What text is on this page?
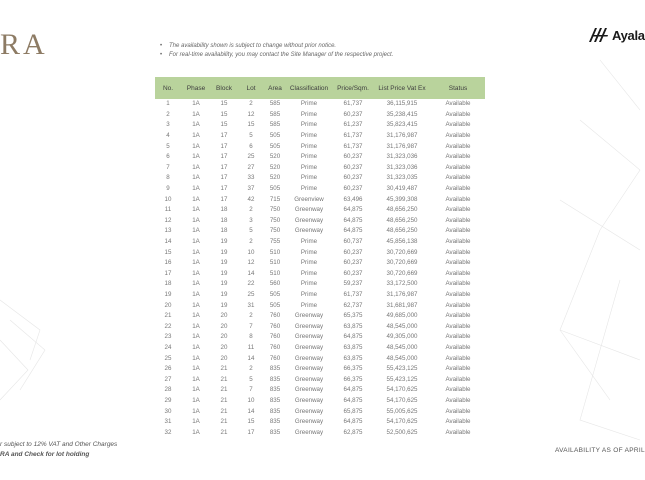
RA	• The availability shown is subject to change without prior notice.
• For real-time availability, you may contact the Site Manager of the respective project.
Ayala
No.	Phase	Block	Lot	Area	Classification	Price/Sqm.	List Price Vat Ex	Status
1	1A	15	2	585	Prime	61,737	36,115,915	Available
2	1A	15	12	585	Prime	60,237	35,238,415	Available
3	1A	15	15	585	Prime	61,237	35,823,415	Available
4	1A	17	5	505	Prime	61,737	31,176,987	Available
5	1A	17	6	505	Prime	61,737	31,176,987	Available
6	1A	17	25	520	Prime	60,237	31,323,036	Available
7	1A	17	27	520	Prime	60,237	31,323,036	Available
8	1A	17	33	520	Prime	60,237	31,323,035	Available
9	1A	17	37	505	Prime	60,237	30,419,487	Available
10	1A	17	42	715	Greenview	63,496	45,399,308	Available
11	1A	18	2	750	Greenway	64,875	48,656,250	Available
12	1A	18	3	750	Greenway	64,875	48,656,250	Available
13	1A	18	5	750	Greenway	64,875	48,656,250	Available
14	1A	19	2	755	Prime	60,737	45,856,138	Available
15	1A	19	10	510	Prime	60,237	30,720,669	Available
16	1A	19	12	510	Prime	60,237	30,720,669	Available
17	1A	19	14	510	Prime	60,237	30,720,669	Available
18	1A	19	22	560	Prime	59,237	33,172,500	Available
19	1A	19	25	505	Prime	61,737	31,176,987	Available
20	1A	19	31	505	Prime	62,737	31,681,987	Available
21	1A	20	2	760	Greenway	65,375	49,685,000	Available
22	1A	20	7	760	Greenway	63,875	48,545,000	Available
23	1A	20	8	760	Greenway	64,875	49,305,000	Available
24	1A	20	11	760	Greenway	63,875	48,545,000	Available
25	1A	20	14	760	Greenway	63,875	48,545,000	Available
26	1A	21	2	835	Greenway	66,375	55,423,125	Available
27	1A	21	5	835	Greenway	66,375	55,423,125	Available
28	1A	21	7	835	Greenway	64,875	54,170,625	Available
29	1A	21	10	835	Greenway	64,875	54,170,625	Available
30	1A	21	14	835	Greenway	65,875	55,005,625	Available
31	1A	21	15	835	Greenway	64,875	54,170,625	Available
32	1A	21	17	835	Greenway	62,875	52,500,625	Available
r subject to 12% VAT and Other Charges
RA and Check for lot holding
AVAILABILITY AS OF APRIL
